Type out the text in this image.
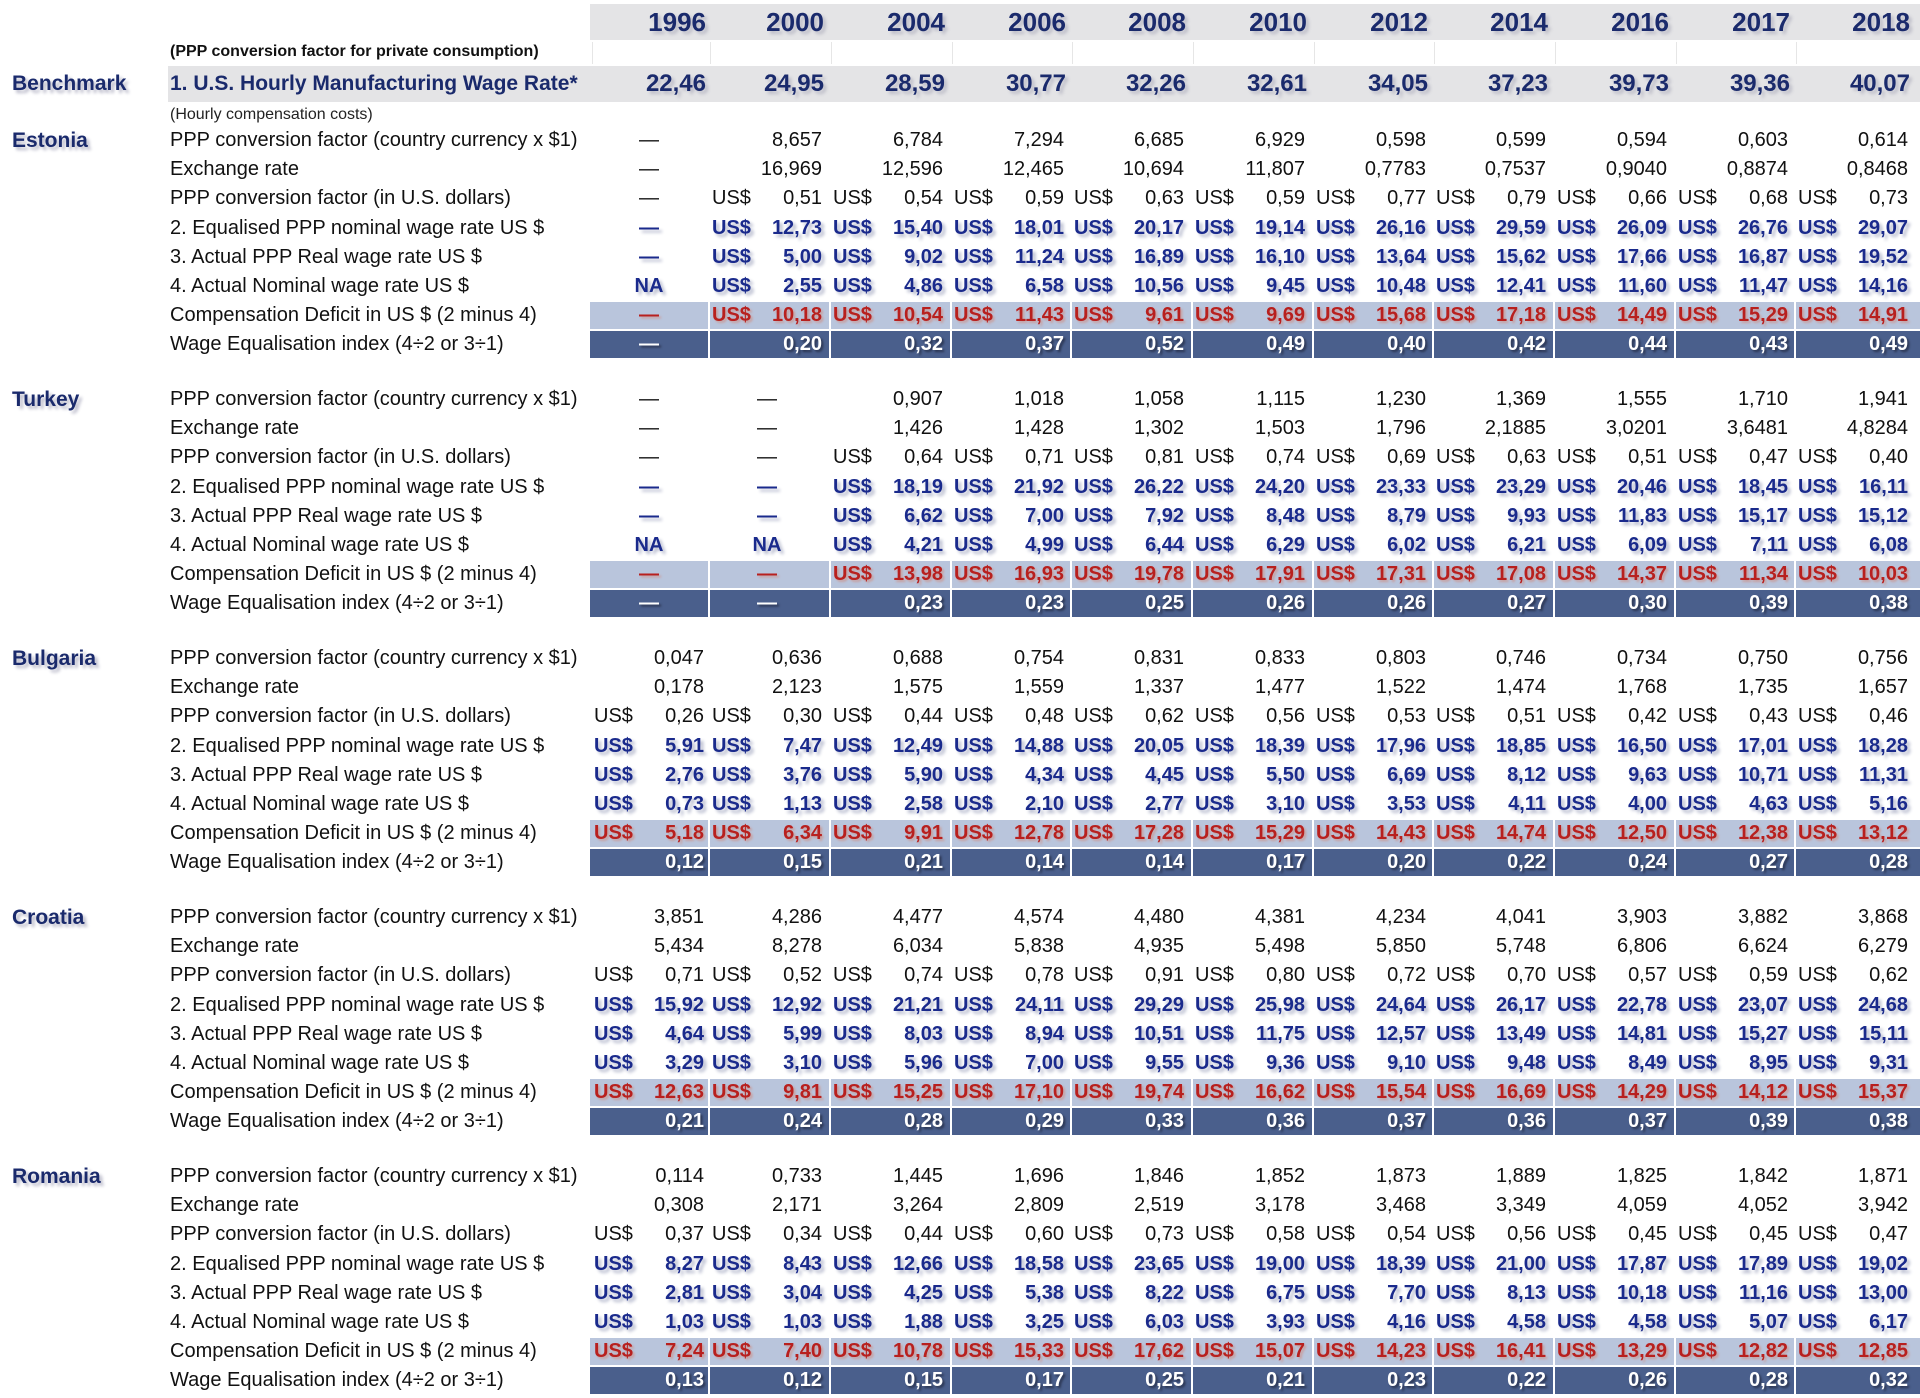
1996	2000	2004	2006	2008	2010	2012	2014	2016	2017	2018
(PPP conversion factor for private consumption)
Benchmark	1. U.S. Hourly Manufacturing Wage Rate*	22,46	24,95	28,59	30,77	32,26	32,61	34,05	37,23	39,73	39,36	40,07
(Hourly compensation costs)
Estonia	PPP conversion factor (country currency x $1)	—	8,657	6,784	7,294	6,685	6,929	0,598	0,599	0,594	0,603	0,614
Exchange rate	—	16,969	12,596	12,465	10,694	11,807	0,7783	0,7537	0,9040	0,8874	0,8468
PPP conversion factor (in U.S. dollars)	—	US$	0,51 US$	0,54 US$	0,59 US$	0,63 US$	0,59 US$	0,77 US$	0,79 US$	0,66 US$	0,68 US$	0,73
2. Equalised PPP nominal wage rate US $	—	US$	12,73 US$	15,40 US$	18,01 US$	20,17 US$	19,14 US$	26,16 US$	29,59 US$	26,09 US$	26,76 US$	29,07
3. Actual PPP Real wage rate US $	—	US$	5,00 US$	9,02 US$	11,24 US$	16,89 US$	16,10 US$	13,64 US$	15,62 US$	17,66 US$	16,87 US$	19,52
4. Actual Nominal wage rate US $	NA	US$	2,55 US$	4,86 US$	6,58 US$	10,56 US$	9,45 US$	10,48 US$	12,41 US$	11,60 US$	11,47 US$	14,16
Compensation Deficit in US $ (2 minus 4)	—	US$	10,18 US$	10,54 US$	11,43 US$	9,61 US$	9,69 US$	15,68 US$	17,18 US$	14,49 US$	15,29 US$	14,91
Wage Equalisation index (4÷2 or 3÷1)	—	0,20	0,32	0,37	0,52	0,49	0,40	0,42	0,44	0,43	0,49
Turkey	PPP conversion factor (country currency x $1)	—	—	0,907	1,018	1,058	1,115	1,230	1,369	1,555	1,710	1,941
Exchange rate	—	—	1,426	1,428	1,302	1,503	1,796	2,1885	3,0201	3,6481	4,8284
PPP conversion factor (in U.S. dollars)	—	—	US$	0,64 US$	0,71 US$	0,81 US$	0,74 US$	0,69 US$	0,63 US$	0,51 US$	0,47 US$	0,40
2. Equalised PPP nominal wage rate US $	—	—	US$	18,19 US$	21,92 US$	26,22 US$	24,20 US$	23,33 US$	23,29 US$	20,46 US$	18,45 US$	16,11
3. Actual PPP Real wage rate US $	—	—	US$	6,62 US$	7,00 US$	7,92 US$	8,48 US$	8,79 US$	9,93 US$	11,83 US$	15,17 US$	15,12
4. Actual Nominal wage rate US $	NA	NA	US$	4,21 US$	4,99 US$	6,44 US$	6,29 US$	6,02 US$	6,21 US$	6,09 US$	7,11 US$	6,08
Compensation Deficit in US $ (2 minus 4)	—	—	US$	13,98 US$	16,93 US$	19,78 US$	17,91 US$	17,31 US$	17,08 US$	14,37 US$	11,34 US$	10,03
Wage Equalisation index (4÷2 or 3÷1)	—	—	0,23	0,23	0,25	0,26	0,26	0,27	0,30	0,39	0,38
Bulgaria	PPP conversion factor (country currency x $1)	0,047	0,636	0,688	0,754	0,831	0,833	0,803	0,746	0,734	0,750	0,756
Exchange rate	0,178	2,123	1,575	1,559	1,337	1,477	1,522	1,474	1,768	1,735	1,657
PPP conversion factor (in U.S. dollars)	US$	0,26 US$	0,30 US$	0,44 US$	0,48 US$	0,62 US$	0,56 US$	0,53 US$	0,51 US$	0,42 US$	0,43 US$	0,46
2. Equalised PPP nominal wage rate US $	US$	5,91 US$	7,47 US$	12,49 US$	14,88 US$	20,05 US$	18,39 US$	17,96 US$	18,85 US$	16,50 US$	17,01 US$	18,28
3. Actual PPP Real wage rate US $	US$	2,76 US$	3,76 US$	5,90 US$	4,34 US$	4,45 US$	5,50 US$	6,69 US$	8,12 US$	9,63 US$	10,71 US$	11,31
4. Actual Nominal wage rate US $	US$	0,73 US$	1,13 US$	2,58 US$	2,10 US$	2,77 US$	3,10 US$	3,53 US$	4,11 US$	4,00 US$	4,63 US$	5,16
Compensation Deficit in US $ (2 minus 4)	US$	5,18 US$	6,34 US$	9,91 US$	12,78 US$	17,28 US$	15,29 US$	14,43 US$	14,74 US$	12,50 US$	12,38 US$	13,12
Wage Equalisation index (4÷2 or 3÷1)	0,12	0,15	0,21	0,14	0,14	0,17	0,20	0,22	0,24	0,27	0,28
Croatia	PPP conversion factor (country currency x $1)	3,851	4,286	4,477	4,574	4,480	4,381	4,234	4,041	3,903	3,882	3,868
Exchange rate	5,434	8,278	6,034	5,838	4,935	5,498	5,850	5,748	6,806	6,624	6,279
PPP conversion factor (in U.S. dollars)	US$	0,71 US$	0,52 US$	0,74 US$	0,78 US$	0,91 US$	0,80 US$	0,72 US$	0,70 US$	0,57 US$	0,59 US$	0,62
2. Equalised PPP nominal wage rate US $	US$	15,92 US$	12,92 US$	21,21 US$	24,11 US$	29,29 US$	25,98 US$	24,64 US$	26,17 US$	22,78 US$	23,07 US$	24,68
3. Actual PPP Real wage rate US $	US$	4,64 US$	5,99 US$	8,03 US$	8,94 US$	10,51 US$	11,75 US$	12,57 US$	13,49 US$	14,81 US$	15,27 US$	15,11
4. Actual Nominal wage rate US $	US$	3,29 US$	3,10 US$	5,96 US$	7,00 US$	9,55 US$	9,36 US$	9,10 US$	9,48 US$	8,49 US$	8,95 US$	9,31
Compensation Deficit in US $ (2 minus 4)	US$	12,63 US$	9,81 US$	15,25 US$	17,10 US$	19,74 US$	16,62 US$	15,54 US$	16,69 US$	14,29 US$	14,12 US$	15,37
Wage Equalisation index (4÷2 or 3÷1)	0,21	0,24	0,28	0,29	0,33	0,36	0,37	0,36	0,37	0,39	0,38
Romania	PPP conversion factor (country currency x $1)	0,114	0,733	1,445	1,696	1,846	1,852	1,873	1,889	1,825	1,842	1,871
Exchange rate	0,308	2,171	3,264	2,809	2,519	3,178	3,468	3,349	4,059	4,052	3,942
PPP conversion factor (in U.S. dollars)	US$	0,37 US$	0,34 US$	0,44 US$	0,60 US$	0,73 US$	0,58 US$	0,54 US$	0,56 US$	0,45 US$	0,45 US$	0,47
2. Equalised PPP nominal wage rate US $	US$	8,27 US$	8,43 US$	12,66 US$	18,58 US$	23,65 US$	19,00 US$	18,39 US$	21,00 US$	17,87 US$	17,89 US$	19,02
3. Actual PPP Real wage rate US $	US$	2,81 US$	3,04 US$	4,25 US$	5,38 US$	8,22 US$	6,75 US$	7,70 US$	8,13 US$	10,18 US$	11,16 US$	13,00
4. Actual Nominal wage rate US $	US$	1,03 US$	1,03 US$	1,88 US$	3,25 US$	6,03 US$	3,93 US$	4,16 US$	4,58 US$	4,58 US$	5,07 US$	6,17
Compensation Deficit in US $ (2 minus 4)	US$	7,24 US$	7,40 US$	10,78 US$	15,33 US$	17,62 US$	15,07 US$	14,23 US$	16,41 US$	13,29 US$	12,82 US$	12,85
Wage Equalisation index (4÷2 or 3÷1)	0,13	0,12	0,15	0,17	0,25	0,21	0,23	0,22	0,26	0,28	0,32
